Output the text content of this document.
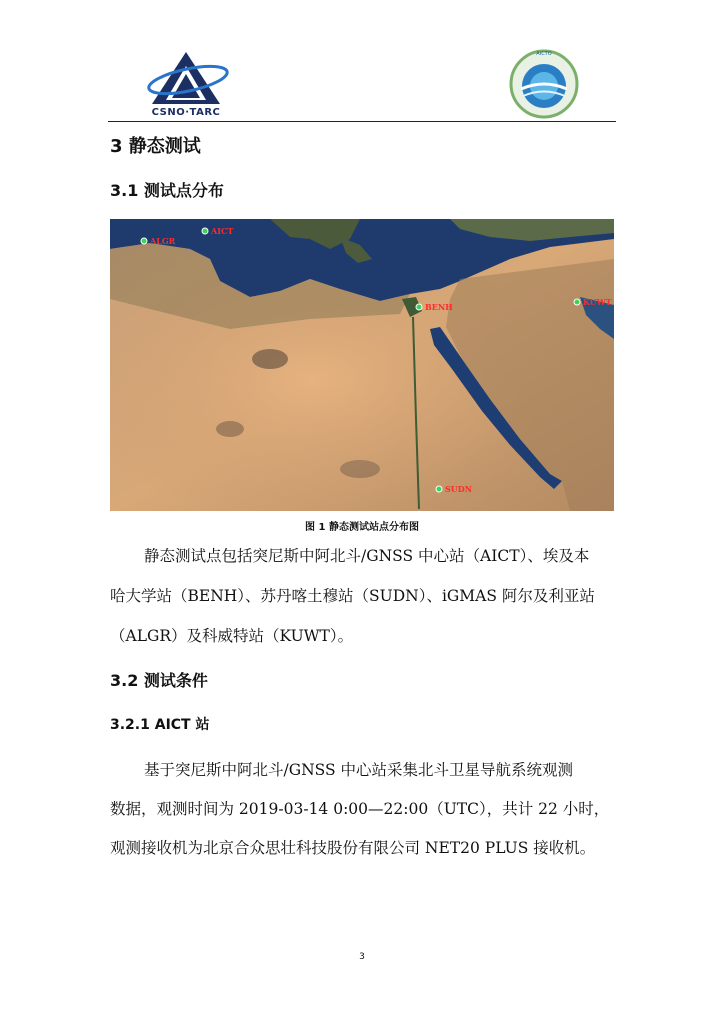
CSNO·TARC
AICTO
3 静态测试
3.1 测试点分布
ALGR
AICT
BENH	KUWT
SUDN
图 1 静态测试站点分布图
静态测试点包括突尼斯中阿北斗/GNSS 中心站（AICT）、埃及本
哈大学站（BENH）、苏丹喀土穆站（SUDN）、iGMAS 阿尔及利亚站
（ALGR）及科威特站（KUWT）。
3.2 测试条件
3.2.1 AICT 站
基于突尼斯中阿北斗/GNSS 中心站采集北斗卫星导航系统观测
数据，观测时间为 2019-03-14 0:00—22:00（UTC），共计 22 小时，
观测接收机为北京合众思壮科技股份有限公司 NET20 PLUS 接收机。
3
